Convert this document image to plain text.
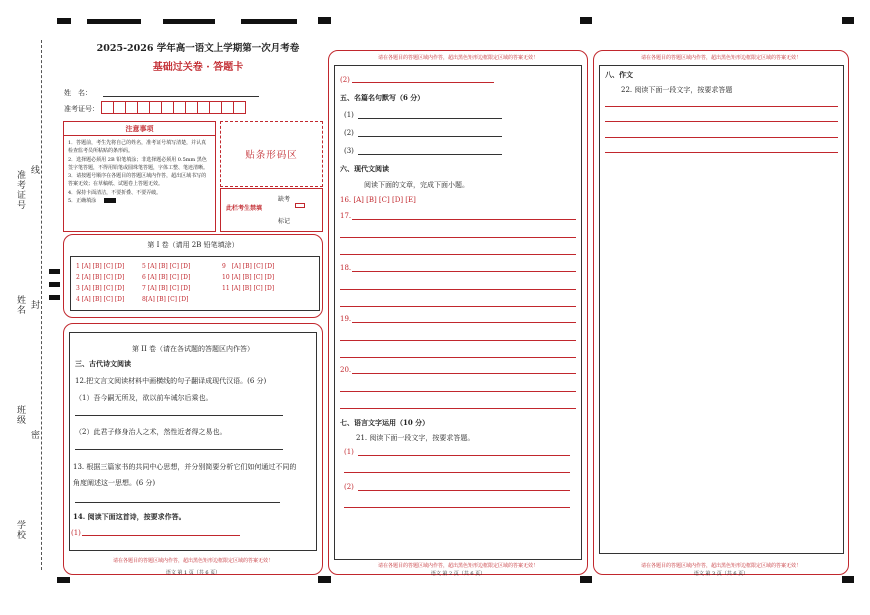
准考证号 线
姓名 封
班级
密
学校
2025-2026 学年高一语文上学期第一次月考卷
基础过关卷 · 答题卡
姓　名：
准考证号：
注意事项
1．答题前，考生先将自己的姓名，准考证号填写清楚，并认真检查监考员所粘贴的条形码。
2．选择题必须用 2B 铅笔填涂；非选择题必须用 0.5mm 黑色签字笔答题，不得用铅笔或圆珠笔答题，字体工整、笔迹清晰。
3．请按题号顺序在各题目的答题区域内作答，超出区域书写的答案无效；在草稿纸、试题卷上答题无效。
4．保持卡面清洁，不要折叠、不要弄破。
5．正确填涂
贴条形码区
此栏考生禁填
缺考
标记
第 I 卷（请用 2B 铅笔填涂）
1 [A] [B] [C] [D]
2 [A] [B] [C] [D]
3 [A] [B] [C] [D]
4 [A] [B] [C] [D]
5 [A] [B] [C] [D]
6 [A] [B] [C] [D]
7 [A] [B] [C] [D]
8[A] [B] [C] [D]
9　[A] [B] [C] [D]
10 [A] [B] [C] [D]
11 [A] [B] [C] [D]
第 II 卷（请在各试题的答题区内作答）
三、古代诗文阅读
12.把文言文阅读材料中画横线的句子翻译成现代汉语。(6 分)
（1）吾今嗣无所及，欲以前车诫尔后乘也。
（2）此君子修身治人之术，然性近者得之易也。
13. 根据三篇家书的共同中心思想，并分别简要分析它们如何通过不同的
角度阐述这一思想。(6 分)
14. 阅读下面这首诗，按要求作答。
(1)
请在各题目的答题区域内作答，超出黑色矩形边框限定区域的答案无效！
语文 第 1 页（共 6 页）
请在各题目的答题区域内作答，超出黑色矩形边框限定区域的答案无效！
(2)
五、名篇名句默写（6 分）
(1)
(2)
(3)
六、现代文阅读
阅读下面的文章，完成下面小题。
16. [A] [B] [C] [D] [E]
17.
18.
19.
20.
七、语言文字运用（10 分）
21. 阅读下面一段文字，按要求答题。
(1)
(2)
请在各题目的答题区域内作答，超出黑色矩形边框限定区域的答案无效！
语文 第 2 页（共 6 页）
请在各题目的答题区域内作答，超出黑色矩形边框限定区域的答案无效！
八、作文
22. 阅读下面一段文字，按要求答题
请在各题目的答题区域内作答，超出黑色矩形边框限定区域的答案无效！
语文 第 3 页（共 6 页）
